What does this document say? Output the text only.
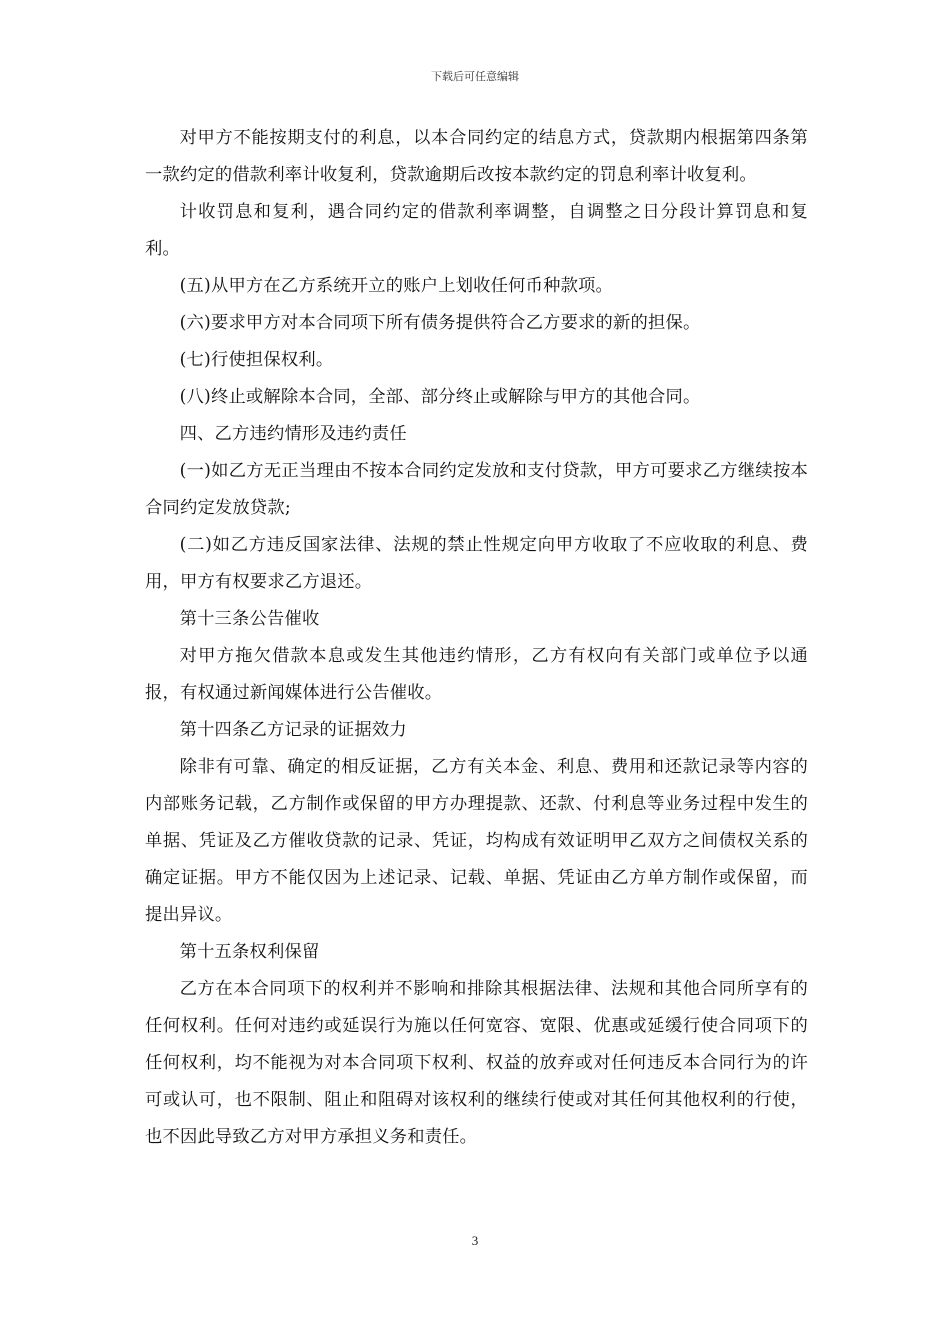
下载后可任意编辑

对甲方不能按期支付的利息，以本合同约定的结息方式，贷款期内根据第四条第一款约定的借款利率计收复利，贷款逾期后改按本款约定的罚息利率计收复利。

计收罚息和复利，遇合同约定的借款利率调整，自调整之日分段计算罚息和复利。

(五)从甲方在乙方系统开立的账户上划收任何币种款项。

(六)要求甲方对本合同项下所有债务提供符合乙方要求的新的担保。

(七)行使担保权利。

(八)终止或解除本合同，全部、部分终止或解除与甲方的其他合同。

四、乙方违约情形及违约责任

(一)如乙方无正当理由不按本合同约定发放和支付贷款，甲方可要求乙方继续按本合同约定发放贷款;

(二)如乙方违反国家法律、法规的禁止性规定向甲方收取了不应收取的利息、费用，甲方有权要求乙方退还。

第十三条公告催收

对甲方拖欠借款本息或发生其他违约情形，乙方有权向有关部门或单位予以通报，有权通过新闻媒体进行公告催收。

第十四条乙方记录的证据效力

除非有可靠、确定的相反证据，乙方有关本金、利息、费用和还款记录等内容的内部账务记载，乙方制作或保留的甲方办理提款、还款、付利息等业务过程中发生的单据、凭证及乙方催收贷款的记录、凭证，均构成有效证明甲乙双方之间债权关系的确定证据。甲方不能仅因为上述记录、记载、单据、凭证由乙方单方制作或保留，而提出异议。

第十五条权利保留

乙方在本合同项下的权利并不影响和排除其根据法律、法规和其他合同所享有的任何权利。任何对违约或延误行为施以任何宽容、宽限、优惠或延缓行使合同项下的任何权利，均不能视为对本合同项下权利、权益的放弃或对任何违反本合同行为的许可或认可，也不限制、阻止和阻碍对该权利的继续行使或对其任何其他权利的行使，也不因此导致乙方对甲方承担义务和责任。

3
